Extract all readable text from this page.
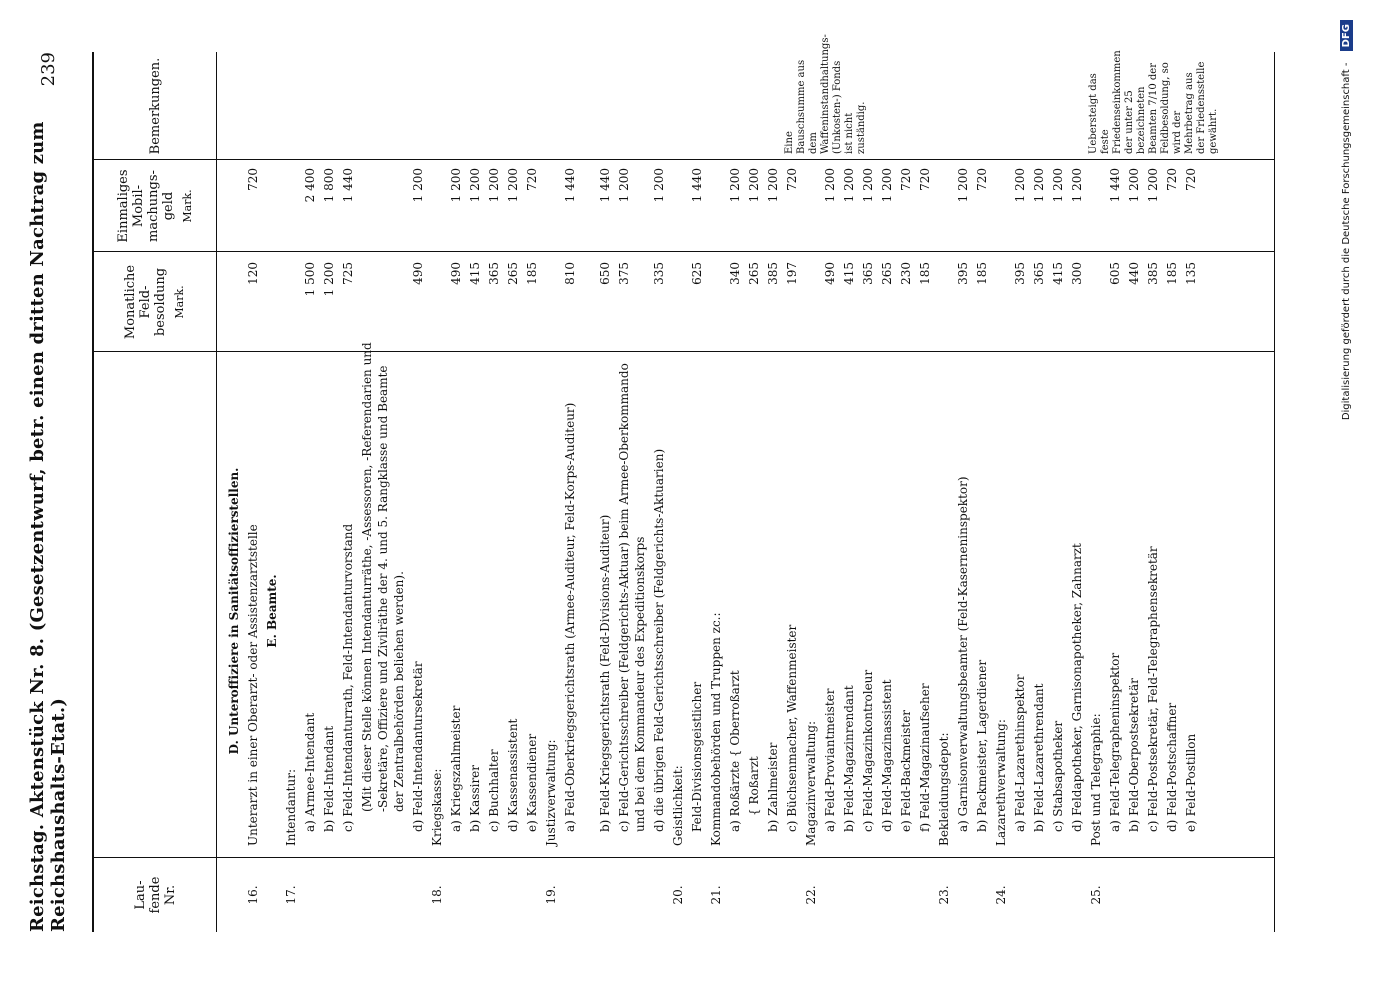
Reichstag. Aktenstück Nr. 8. (Gesetzentwurf, betr. einen dritten Nachtrag zum Reichshaushalts-Etat.)
239
Lau-
fende
Nr.
Monatliche
Feld-
besoldung Mark.
Einmaliges
Mobil-
machungs-
geld Mark.
Bemerkungen.
D. Unteroffiziere in Sanitätsoffizierstellen.
16.
Unterarzt in einer Oberarzt- oder Assistenzarztstelle
120
720
E. Beamte.
17.
Intendantur: a) Armee-Intendant
1 500
2 400
b) Feld-Intendant
1 200
1 800
c) Feld-Intendanturrath, Feld-Intendanturvorstand
725
1 440
(Mit dieser Stelle können Intendanturräthe, -Assessoren, -Referendarien und -Sekretäre, Offiziere und Zivilräthe der 4. und 5. Rangklasse und Beamte der Zentralbehörden beliehen werden). d) Feld-Intendantursekretär
490
1 200
18.
Kriegskasse: a) Kriegszahlmeister
490
1 200
b) Kassirer
415
1 200
c) Buchhalter
365
1 200
d) Kassenassistent
265
1 200
e) Kassendiener
185
720
19.
Justizverwaltung: a) Feld-Oberkriegsgerichtsrath (Armee-Auditeur, Feld-Korps-Auditeur)
810
1 440
b) Feld-Kriegsgerichtsrath (Feld-Divisions-Auditeur)
650
1 440
c) Feld-Gerichtsschreiber (Feldgerichts-Aktuar) beim Armee-Oberkommando und bei dem Kommandeur des Expeditionskorps
375
1 200
d) die übrigen Feld-Gerichtsschreiber (Feldgerichts-Aktuarien)
335
1 200
20.
Geistlichkeit: Feld-Divisionsgeistlicher
625
1 440
21.
Kommandobehörden und Truppen zc.: a) Roßärzte { Oberroßarzt
340
1 200
{ Roßarzt
265
1 200
b) Zahlmeister
385
1 200
c) Büchsenmacher, Waffenmeister
197
720
Eine Bauschsumme aus dem Waffeninstandhaltungs- (Unkosten-) Fonds ist nicht zuständig.
22.
Magazinverwaltung: a) Feld-Proviantmeister
490
1 200
b) Feld-Magazinrendant
415
1 200
c) Feld-Magazinkontroleur
365
1 200
d) Feld-Magazinassistent
265
1 200
e) Feld-Backmeister
230
720
f) Feld-Magazinaufseher
185
720
23.
Bekleidungsdepot: a) Garnisonverwaltungsbeamter (Feld-Kaserneninspektor)
395
1 200
b) Packmeister, Lagerdiener
185
720
24.
Lazarethverwaltung: a) Feld-Lazarethinspektor
395
1 200
b) Feld-Lazarethrendant
365
1 200
c) Stabsapotheker
415
1 200
d) Feldapotheker, Garnisonapotheker, Zahnarzt
300
1 200
25.
Post und Telegraphie:
Uebersteigt das feste Friedenseinkommen der unter 25 bezeichneten Beamten 7/10 der Feldbesoldung, so wird der Mehrbetrag aus der Friedensstelle gewährt.
a) Feld-Telegrapheninspektor
605
1 440
b) Feld-Oberpostsekretär
440
1 200
c) Feld-Postsekretär, Feld-Telegraphensekretär
385
1 200
d) Feld-Postschaffner
185
720
e) Feld-Postillon
135
720	Digitalisierung gefördert durch die Deutsche Forschungsgemeinschaft - DFG
